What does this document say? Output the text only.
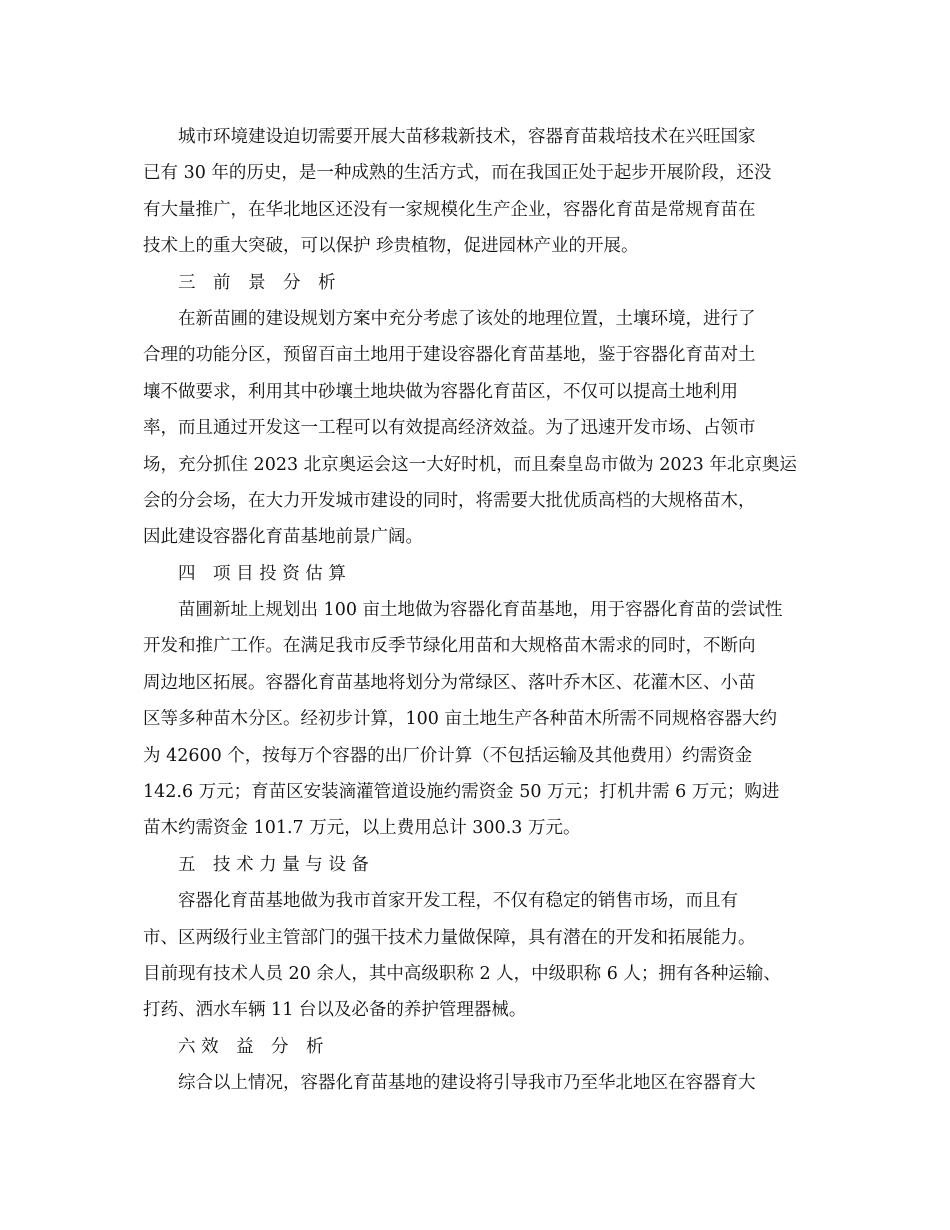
城市环境建设迫切需要开展大苗移栽新技术，容器育苗栽培技术在兴旺国家
已有 30 年的历史，是一种成熟的生活方式，而在我国正处于起步开展阶段，还没
有大量推广，在华北地区还没有一家规模化生产企业，容器化育苗是常规育苗在
技术上的重大突破，可以保护 珍贵植物，促进园林产业的开展。
三　前　景　分　析
在新苗圃的建设规划方案中充分考虑了该处的地理位置，土壤环境，进行了
合理的功能分区，预留百亩土地用于建设容器化育苗基地，鉴于容器化育苗对土
壤不做要求，利用其中砂壤土地块做为容器化育苗区，不仅可以提高土地利用
率，而且通过开发这一工程可以有效提高经济效益。为了迅速开发市场、占领市
场，充分抓住 2023 北京奥运会这一大好时机，而且秦皇岛市做为 2023 年北京奥运
会的分会场，在大力开发城市建设的同时，将需要大批优质高档的大规格苗木，
因此建设容器化育苗基地前景广阔。
四　项 目 投 资 估 算
苗圃新址上规划出 100 亩土地做为容器化育苗基地，用于容器化育苗的尝试性
开发和推广工作。在满足我市反季节绿化用苗和大规格苗木需求的同时，不断向
周边地区拓展。容器化育苗基地将划分为常绿区、落叶乔木区、花灌木区、小苗
区等多种苗木分区。经初步计算，100 亩土地生产各种苗木所需不同规格容器大约
为 42600 个，按每万个容器的出厂价计算（不包括运输及其他费用）约需资金
142.6 万元；育苗区安装滴灌管道设施约需资金 50 万元；打机井需 6 万元；购进
苗木约需资金 101.7 万元，以上费用总计 300.3 万元。
五　技 术 力 量 与 设 备
容器化育苗基地做为我市首家开发工程，不仅有稳定的销售市场，而且有
市、区两级行业主管部门的强干技术力量做保障，具有潜在的开发和拓展能力。
目前现有技术人员 20 余人，其中高级职称 2 人，中级职称 6 人；拥有各种运输、
打药、洒水车辆 11 台以及必备的养护管理器械。
六 效　益　分　析
综合以上情况，容器化育苗基地的建设将引导我市乃至华北地区在容器育大
